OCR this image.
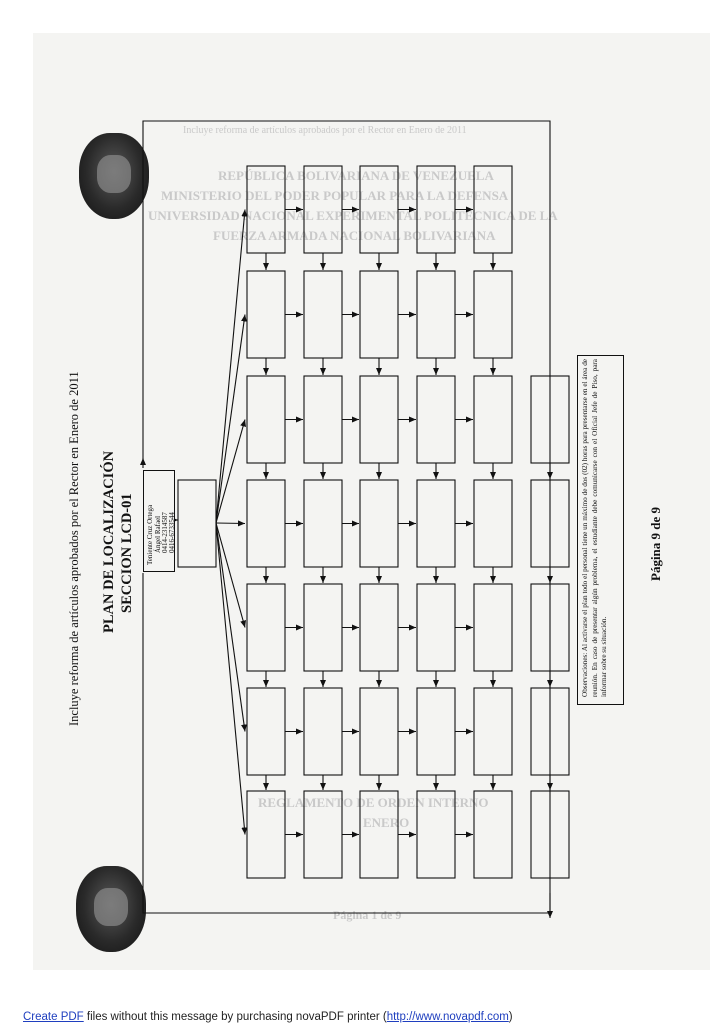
Incluye reforma de artículos aprobados por el Rector en Enero de 2011
REPÚBLICA BOLIVARIANA DE VENEZUELA
MINISTERIO DEL PODER POPULAR PARA LA DEFENSA
UNIVERSIDAD NACIONAL EXPERIMENTAL POLITÉCNICA DE LA
FUERZA ARMADA NACIONAL BOLIVARIANA
REGLAMENTO DE ORDEN INTERNO
ENERO
Página 1 de 9
Incluye reforma de artículos aprobados por el Rector en Enero de 2011 PLAN DE LOCALIZACIÓN SECCION LCD-01 Teniente Cruz Ortega Ángel Rafael 0414-2314587 0416-6733544	Observaciones: Al activarse el plan todo el personal tiene un máximo de dos (02) horas para presentarse en el área de reunión. En caso de presentar algún problema, el estudiante debe comunicarse con el Oficial Jefe de Piso, para informar sobre su situación.
Página 9 de 9
Create PDF files without this message by purchasing novaPDF printer (http://www.novapdf.com)
